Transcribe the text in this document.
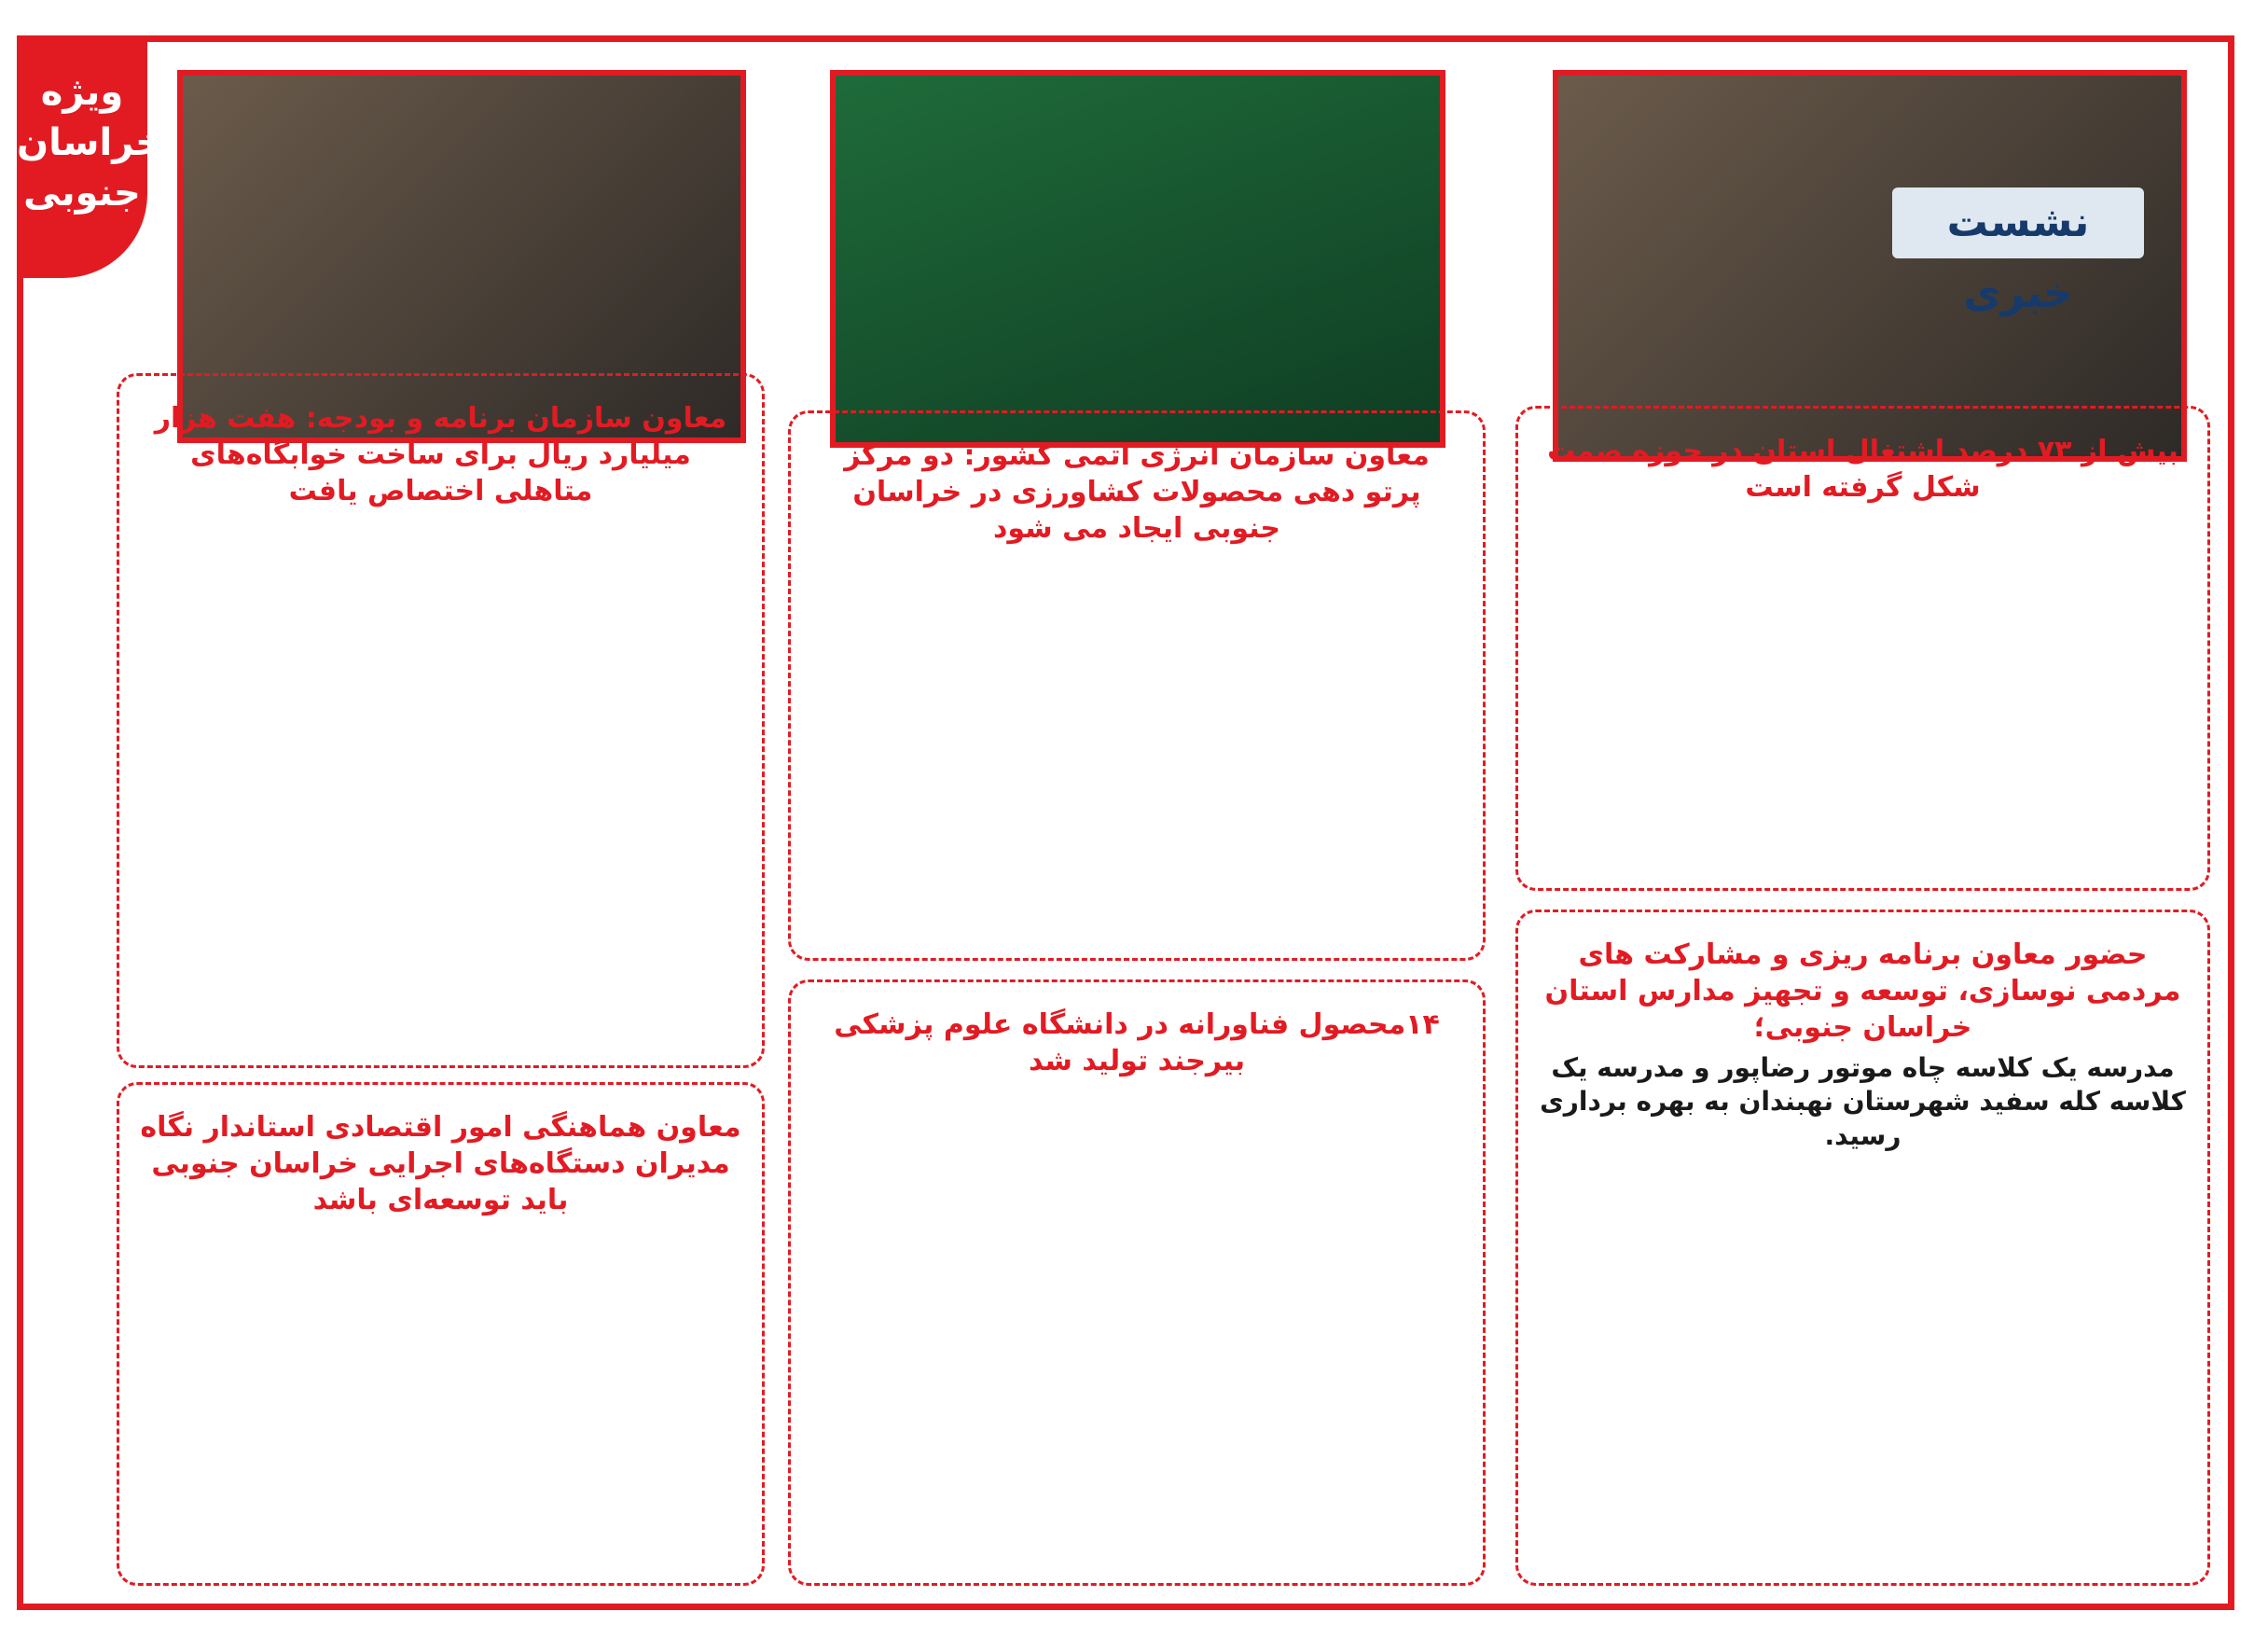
ویژه
خراسان
جنوبی
نشست خبری
بیش از ۷۳ درصد اشتغال استان در حوزه صمت شکل گرفته است

معاون سازمان انرژی اتمی کشور: دو مرکز پرتو دهی محصولات کشاورزی در خراسان جنوبی ایجاد می شود

معاون سازمان برنامه و بودجه: هفت هزار میلیارد ریال برای ساخت خوابگاه‌های متاهلی اختصاص یافت

حضور معاون برنامه ریزی و مشارکت های مردمی نوسازی، توسعه و تجهیز مدارس استان خراسان جنوبی؛
مدرسه یک کلاسه چاه موتور رضاپور و مدرسه یک کلاسه کله سفید شهرستان نهبندان به بهره برداری رسید.

۱۴محصول فناورانه در دانشگاه علوم پزشکی بیرجند تولید شد

معاون هماهنگی امور اقتصادی استاندار نگاه مدیران دستگاه‌های اجرایی خراسان جنوبی باید توسعه‌ای باشد
